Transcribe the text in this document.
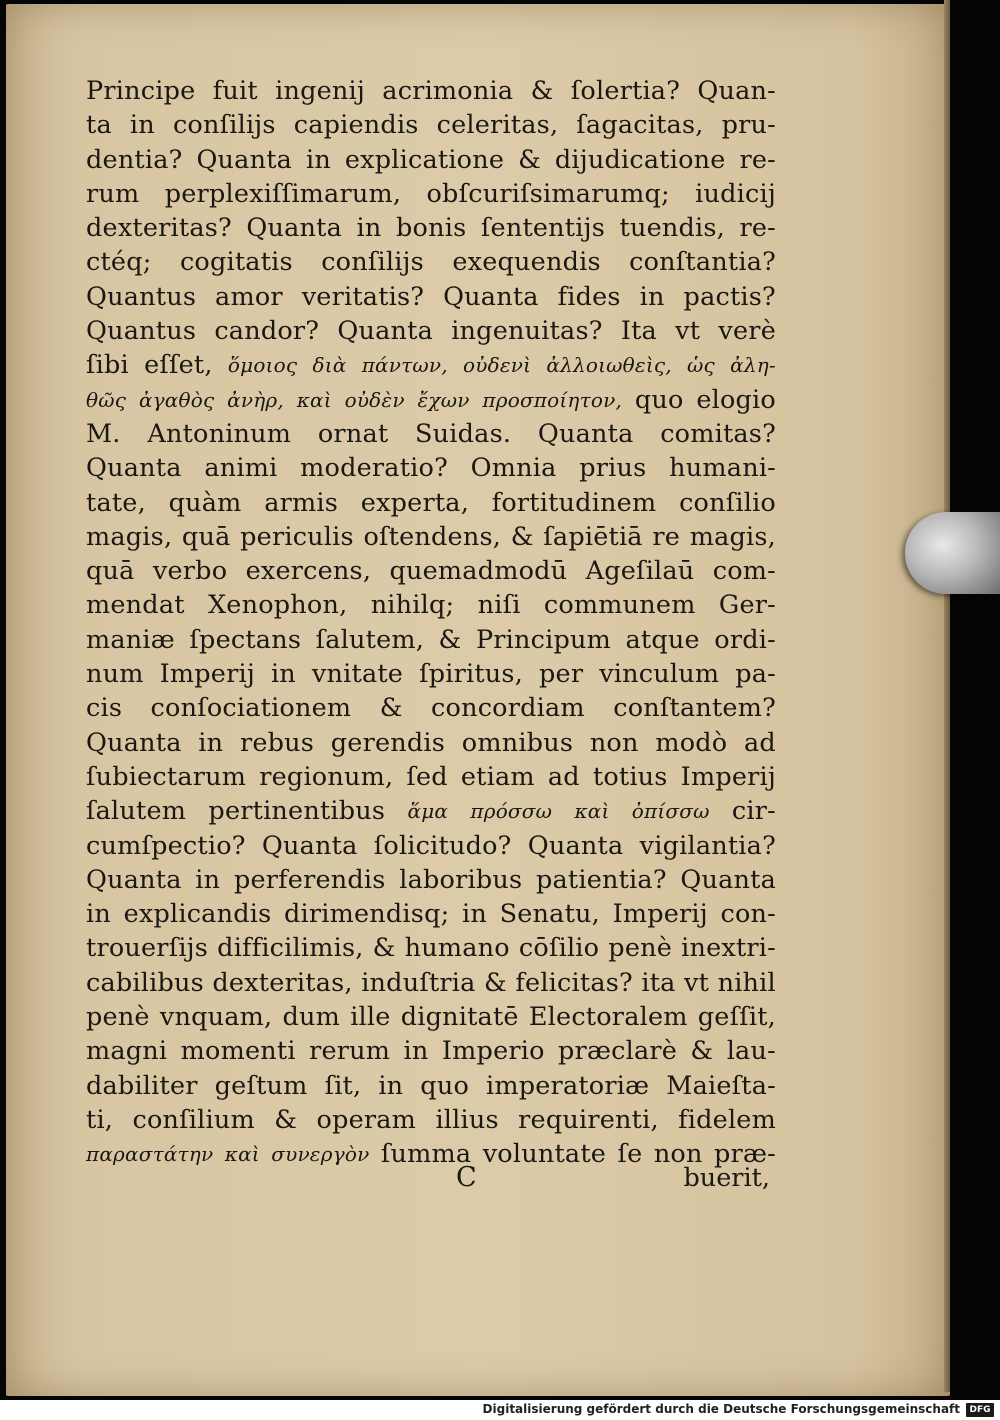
Principe fuit ingenij acrimonia & ſolertia? Quan-
ta in conſilijs capiendis celeritas, ſagacitas, pru-
dentia? Quanta in explicatione & dijudicatione re-
rum perplexiſſimarum, obſcuriſsimarumq; iudicij
dexteritas? Quanta in bonis ſententijs tuendis, re-
ctéq; cogitatis conſilijs exequendis conſtantia?
Quantus amor veritatis? Quanta fides in pactis?
Quantus candor? Quanta ingenuitas? Ita vt verè
ſibi eſſet, ὅμοιος διὰ πάντων, οὐδενὶ ἀλλοιωθεὶς, ὡς ἀλη-
θῶς ἀγαθὸς ἀνὴρ, καὶ οὐδὲν ἔχων προσποίητον, quo elogio
M. Antoninum ornat Suidas. Quanta comitas?
Quanta animi moderatio? Omnia prius humani-
tate, quàm armis experta, fortitudinem conſilio
magis, quā periculis oſtendens, & ſapiētiā re magis,
quā verbo exercens, quemadmodū Ageſilaū com-
mendat Xenophon, nihilq; niſi communem Ger-
maniæ ſpectans ſalutem, & Principum atque ordi-
num Imperij in vnitate ſpiritus, per vinculum pa-
cis conſociationem & concordiam conſtantem?
Quanta in rebus gerendis omnibus non modò ad
ſubiectarum regionum, ſed etiam ad totius Imperij
ſalutem pertinentibus ἅμα πρόσσω καὶ ὀπίσσω cir-
cumſpectio? Quanta ſolicitudo? Quanta vigilantia?
Quanta in perferendis laboribus patientia? Quanta
in explicandis dirimendisq; in Senatu, Imperij con-
trouerſijs difficilimis, & humano cōſilio penè inextri-
cabilibus dexteritas, induſtria & felicitas? ita vt nihil
penè vnquam, dum ille dignitatē Electoralem geſſit,
magni momenti rerum in Imperio præclarè & lau-
dabiliter geſtum ſit, in quo imperatoriæ Maieſta-
ti, conſilium & operam illius requirenti, fidelem
παραστάτην καὶ συνεργὸν ſumma voluntate ſe non præ-
C	buerit,
Digitalisierung gefördert durch die Deutsche Forschungsgemeinschaft	DFG
